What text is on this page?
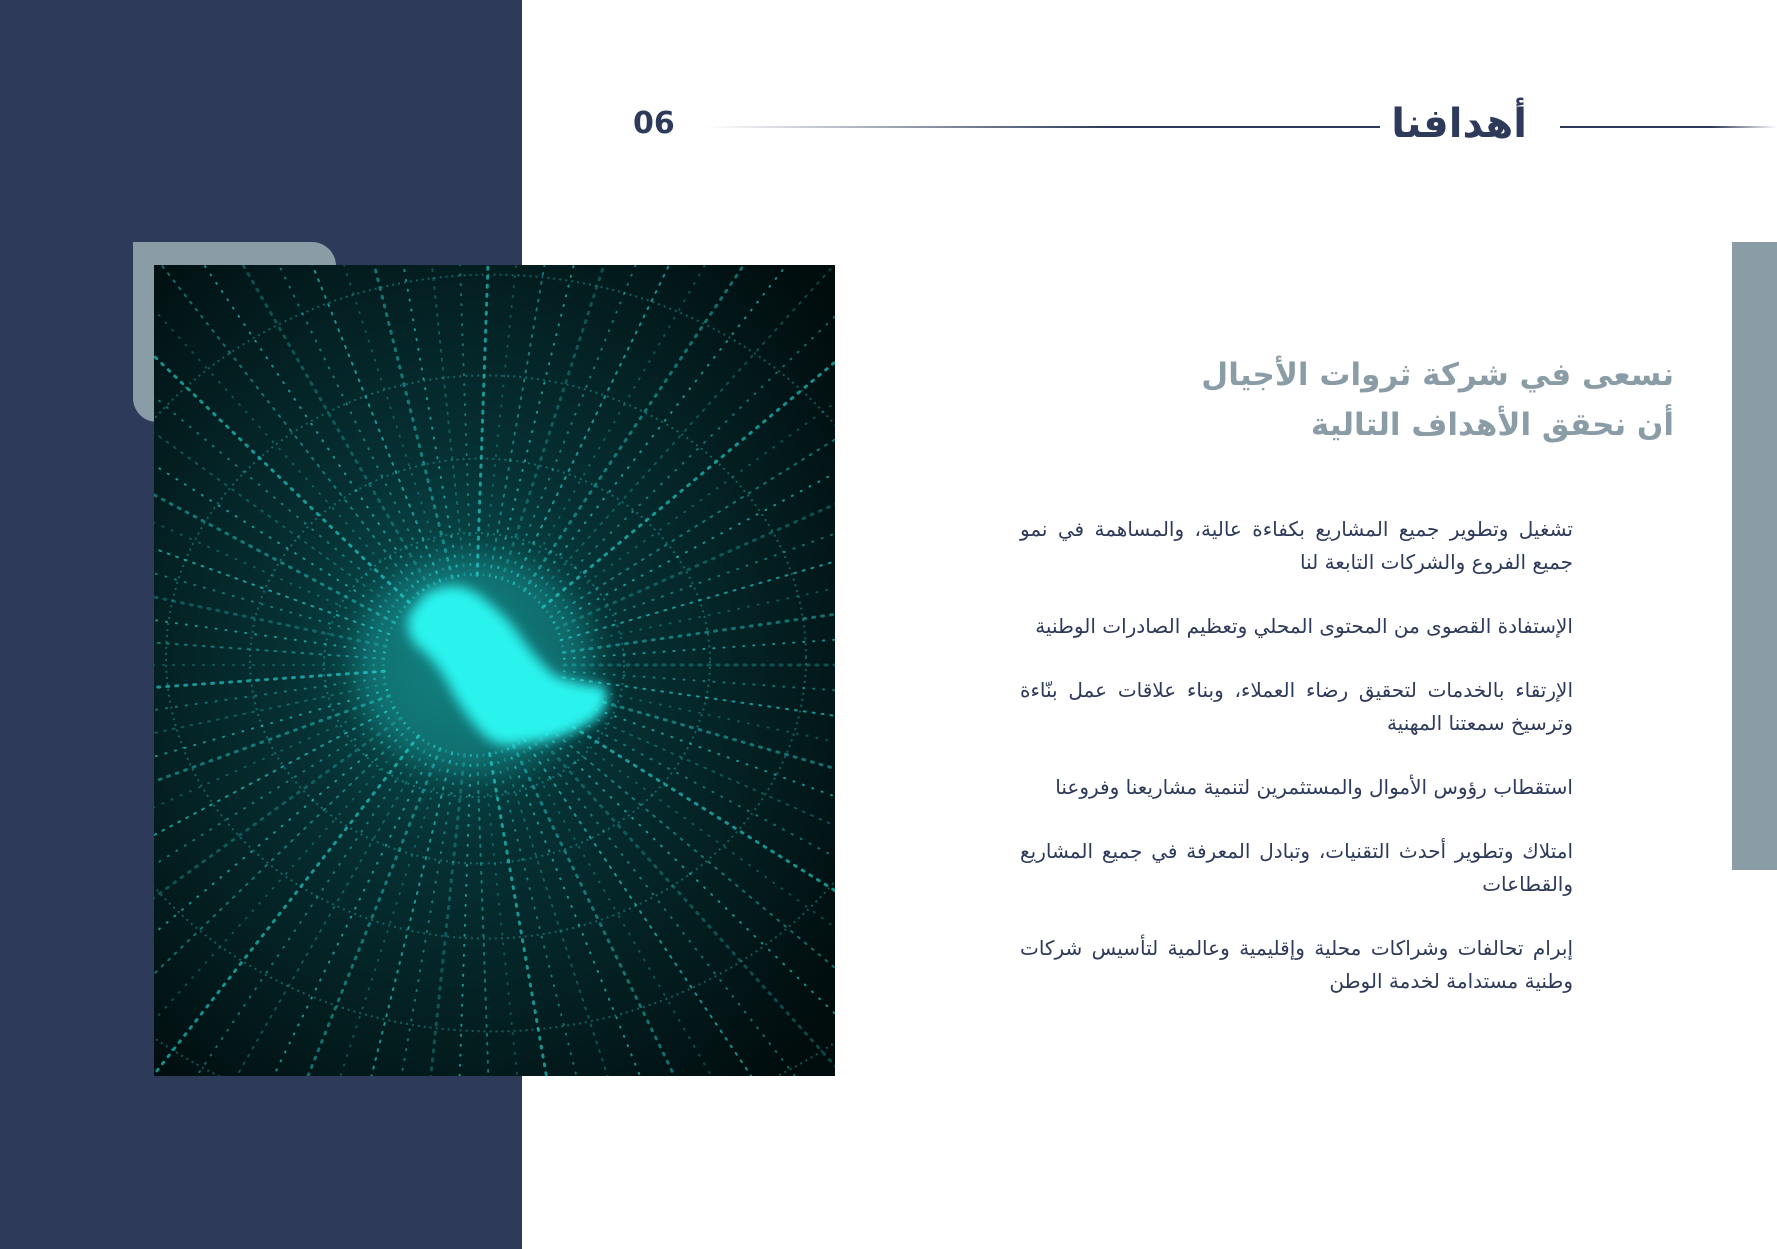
أهدافنا
06
نسعى في شركة ثروات الأجيال
أن نحقق الأهداف التالية
تشغيل وتطوير جميع المشاريع بكفاءة عالية، والمساهمة في نمو جميع الفروع والشركات التابعة لنا
الإستفادة القصوى من المحتوى المحلي وتعظيم الصادرات الوطنية
الإرتقاء بالخدمات لتحقيق رضاء العملاء، وبناء علاقات عمل بنّاءة وترسيخ سمعتنا المهنية
استقطاب رؤوس الأموال والمستثمرين لتنمية مشاريعنا وفروعنا
امتلاك وتطوير أحدث التقنيات، وتبادل المعرفة في جميع المشاريع والقطاعات
إبرام تحالفات وشراكات محلية وإقليمية وعالمية لتأسيس شركات وطنية مستدامة لخدمة الوطن
